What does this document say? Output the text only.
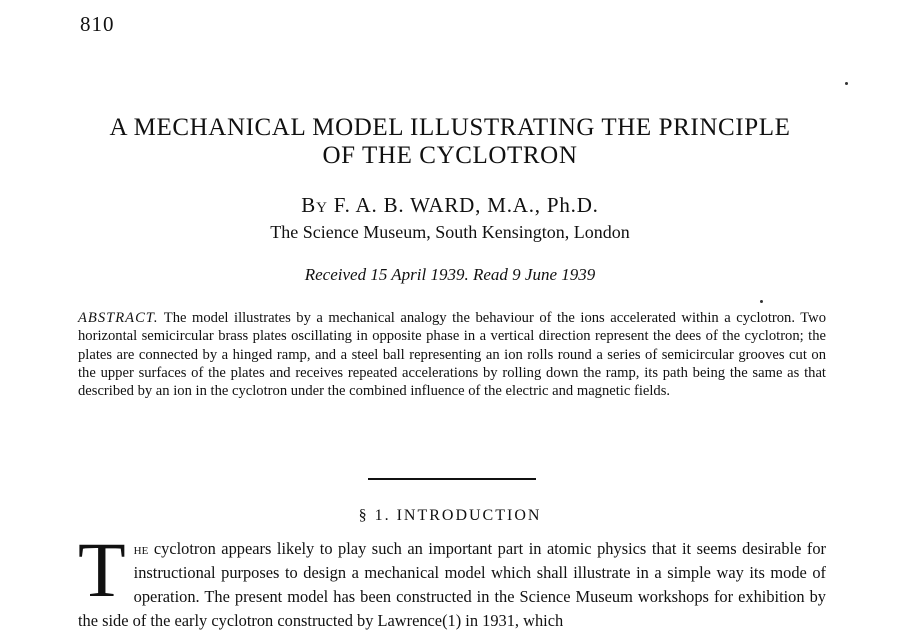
810
A MECHANICAL MODEL ILLUSTRATING THE PRINCIPLE OF THE CYCLOTRON
By F. A. B. WARD, M.A., Ph.D.
The Science Museum, South Kensington, London
Received 15 April 1939. Read 9 June 1939

ABSTRACT. The model illustrates by a mechanical analogy the behaviour of the ions accelerated within a cyclotron. Two horizontal semicircular brass plates oscillating in opposite phase in a vertical direction represent the dees of the cyclotron; the plates are connected by a hinged ramp, and a steel ball representing an ion rolls round a series of semicircular grooves cut on the upper surfaces of the plates and receives repeated accelerations by rolling down the ramp, its path being the same as that described by an ion in the cyclotron under the combined influence of the electric and magnetic fields.

§ 1. INTRODUCTION

The cyclotron appears likely to play such an important part in atomic physics that it seems desirable for instructional purposes to design a mechanical model which shall illustrate in a simple way its mode of operation. The present model has been constructed in the Science Museum workshops for exhibition by the side of the early cyclotron constructed by Lawrence(1) in 1931, which
